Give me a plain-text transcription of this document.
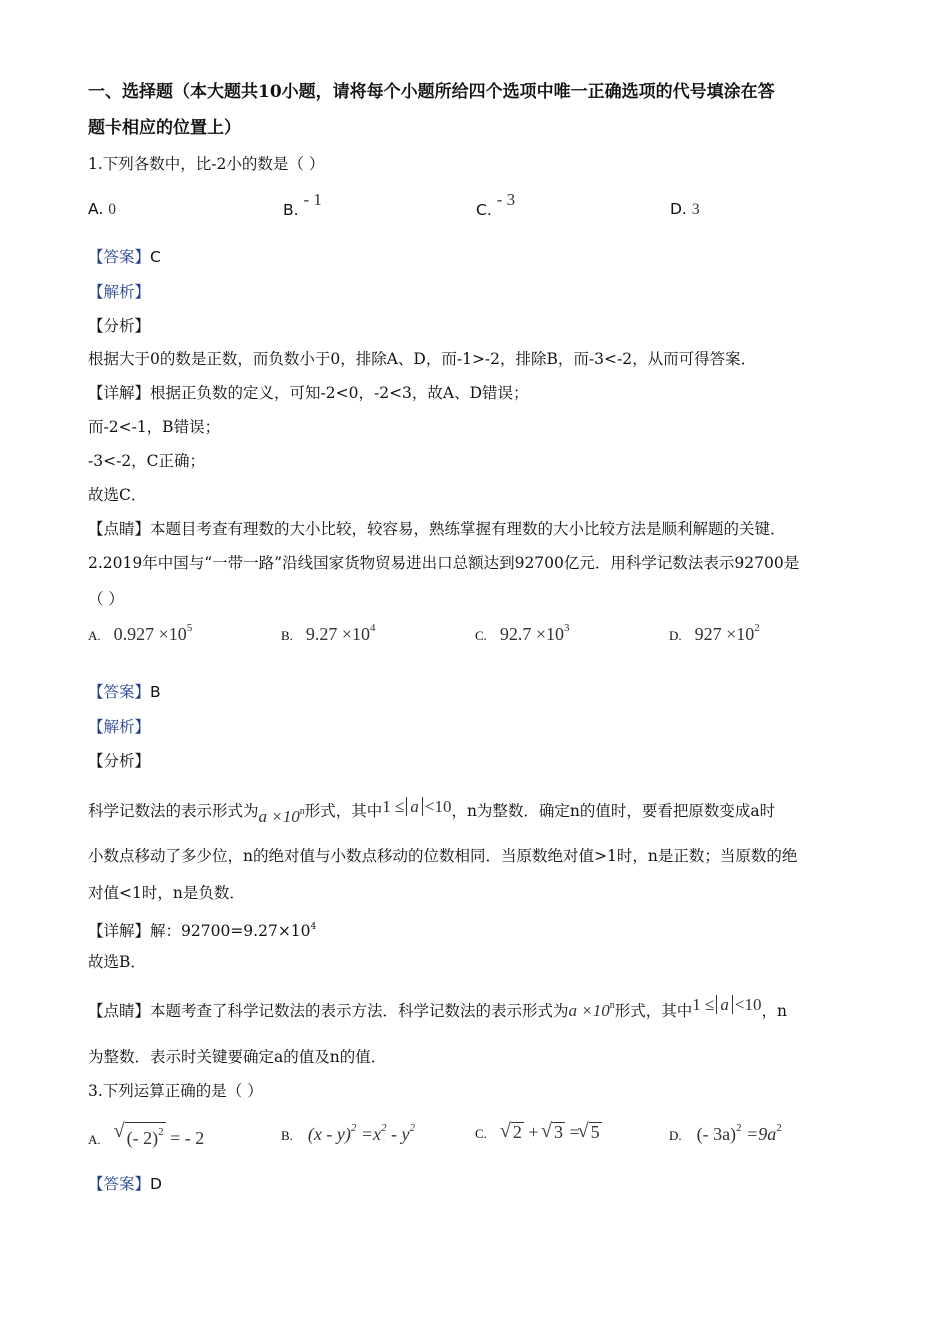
一、选择题（本大题共10小题，请将每个小题所给四个选项中唯一正确选项的代号填涂在答
题卡相应的位置上）
1.下列各数中，比-2小的数是（ ）
A. 0	B. - 1
C. - 3	D. 3
【答案】C
【解析】
【分析】
根据大于0的数是正数，而负数小于0，排除A、D，而-1>-2，排除B，而-3<-2，从而可得答案．
【详解】根据正负数的定义，可知-2<0，-2<3，故A、D错误；
而-2<-1，B错误；
-3<-2，C正确；
故选C．
【点睛】本题目考查有理数的大小比较，较容易，熟练掌握有理数的大小比较方法是顺利解题的关键．
2.2019年中国与“一带一路”沿线国家货物贸易进出口总额达到92700亿元．用科学记数法表示92700是
（ ）
A. $0.927 \times 10^5$	B. $9.27 \times 10^4$	C. $92.7 \times 10^3$	D. $927 \times 10^2$
【答案】B
【解析】
【分析】
科学记数法的表示形式为$a \times 10^n$形式，其中1 ≤ a <10，n为整数．确定n的值时，要看把原数变成a时
小数点移动了多少位，n的绝对值与小数点移动的位数相同．当原数绝对值>1时，n是正数；当原数的绝
对值<1时，n是负数．
【详解】解：$92700=9.27\times 10^4$
故选B．
【点睛】本题考查了科学记数法的表示方法．科学记数法的表示形式为$a \times 10^n$形式，其中1 ≤ a <10，n
为整数．表示时关键要确定a的值及n的值．
3.下列运算正确的是（ ）
A. √ (- 2)$^2$ = - 2	B. $(x - y)^2 =x^2 - y^2$	C. √ 2 + √ 3 = √ 5	D. (- $3a)^2 =9a^2$
【答案】D
